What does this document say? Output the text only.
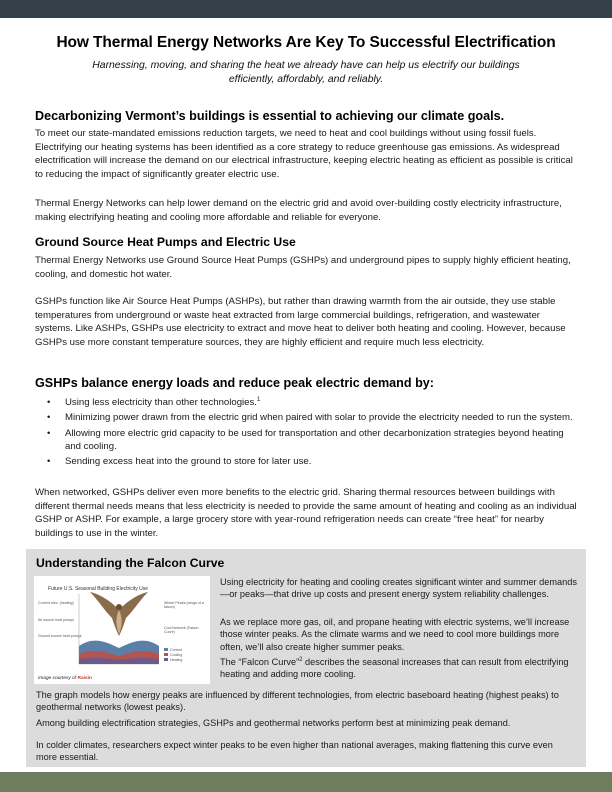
How Thermal Energy Networks Are Key To Successful Electrification
Harnessing, moving, and sharing the heat we already have can help us electrify our buildings efficiently, affordably, and reliably.
Decarbonizing Vermont’s buildings is essential to achieving our climate goals.
To meet our state-mandated emissions reduction targets, we need to heat and cool buildings without using fossil fuels. Electrifying our heating systems has been identified as a core strategy to reduce greenhouse gas emissions. As widespread electrification will increase the demand on our electrical infrastructure, keeping electric heating as efficient as possible is critical to reducing the impact of significantly greater electric use.
Thermal Energy Networks can help lower demand on the electric grid and avoid over-building costly electricity infrastructure, making electrifying heating and cooling more affordable and reliable for everyone.
Ground Source Heat Pumps and Electric Use
Thermal Energy Networks use Ground Source Heat Pumps (GSHPs) and underground pipes to supply highly efficient heating, cooling, and domestic hot water.
GSHPs function like Air Source Heat Pumps (ASHPs), but rather than drawing warmth from the air outside, they use stable temperatures from underground or waste heat extracted from large commercial buildings, refrigeration, and wastewater systems. Like ASHPs, GSHPs use electricity to extract and move heat to deliver both heating and cooling. However, because GSHPs use more constant temperature sources, they are highly efficient and require much less electricity.
GSHPs balance energy loads and reduce peak electric demand by:
• Using less electricity than other technologies.$^1$
• Minimizing power drawn from the electric grid when paired with solar to provide the electricity needed to run the system.
• Allowing more electric grid capacity to be used for transportation and other decarbonization strategies beyond heating and cooling.
• Sending excess heat into the ground to store for later use.
When networked, GSHPs deliver even more benefits to the electric grid. Sharing thermal resources between buildings with different thermal needs means that less electricity is needed to provide the same amount of heating and cooling as an individual GSHP or ASHP. For example, a large grocery store with year-round refrigeration needs can create “free heat” for nearby buildings to use in the winter.
Understanding the Falcon Curve
Future U.S. Seasonal Building Electricity Use
Current elec. (heating)
Air source heat pumps
Ground source heat pumps
Winter Peaks (wings of a falcon)
Cool Network (Falcon Curve)
Current
Cooling
Heating
Image courtesy of Raisin
Using electricity for heating and cooling creates significant winter and summer demands—or peaks—that drive up costs and present energy system reliability challenges.
As we replace more gas, oil, and propane heating with electric systems, we’ll increase those winter peaks. As the climate warms and we need to cool more buildings more often, we’ll also create higher summer peaks.
The “Falcon Curve”$^2$ describes the seasonal increases that can result from electrifying heating and adding more cooling.
The graph models how energy peaks are influenced by different technologies, from electric baseboard heating (highest peaks) to geothermal networks (lowest peaks).
Among building electrification strategies, GSHPs and geothermal networks perform best at minimizing peak demand.
In colder climates, researchers expect winter peaks to be even higher than national averages, making flattening this curve even more essential.
